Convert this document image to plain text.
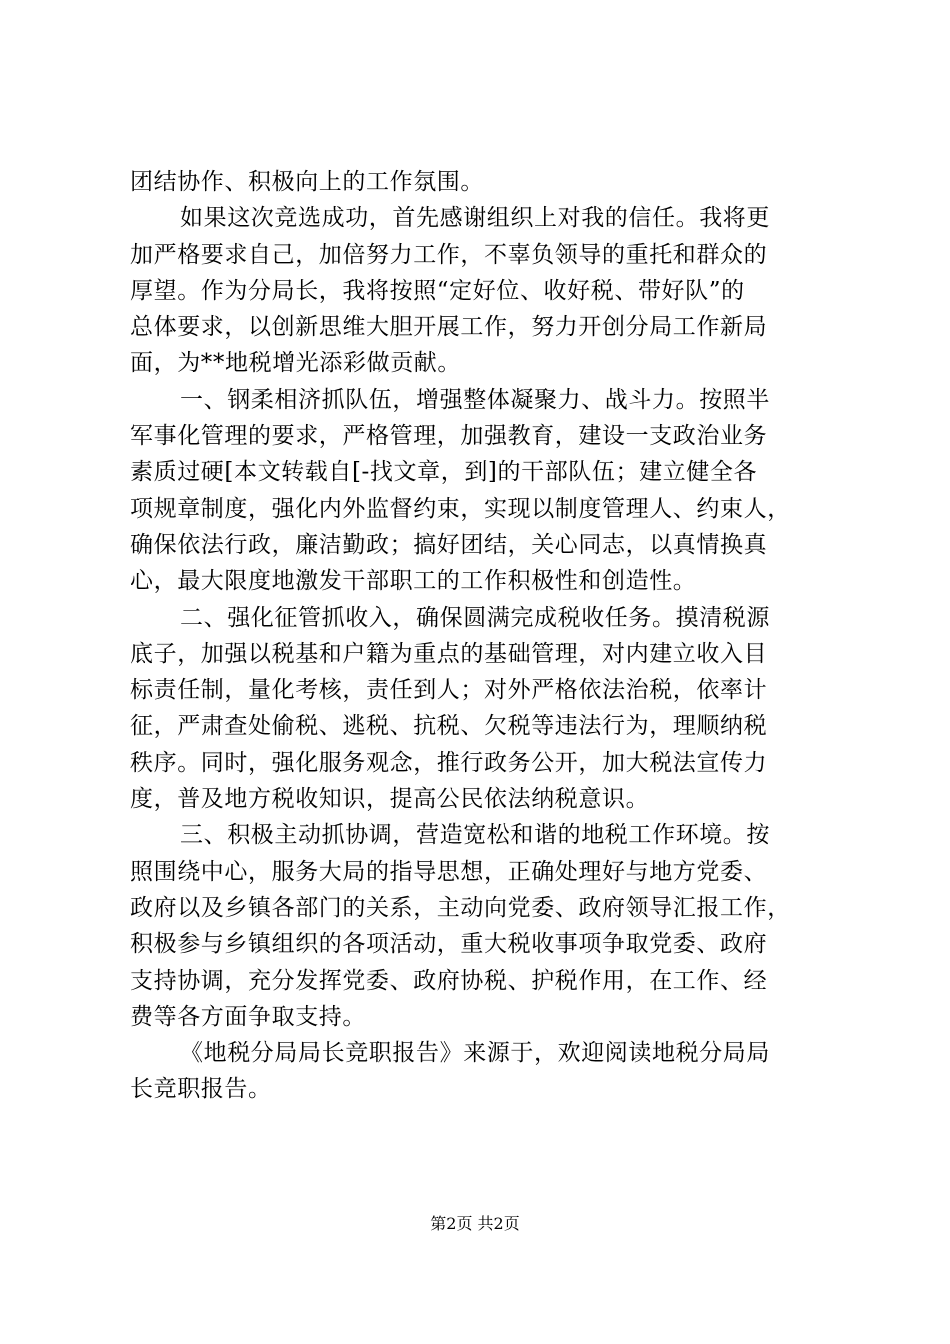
团结协作、积极向上的工作氛围。
如果这次竞选成功，首先感谢组织上对我的信任。我将更
加严格要求自己，加倍努力工作，不辜负领导的重托和群众的
厚望。作为分局长，我将按照“定好位、收好税、带好队”的
总体要求，以创新思维大胆开展工作，努力开创分局工作新局
面，为**地税增光添彩做贡献。
一、钢柔相济抓队伍，增强整体凝聚力、战斗力。按照半
军事化管理的要求，严格管理，加强教育，建设一支政治业务
素质过硬[本文转载自[-找文章，到]的干部队伍；建立健全各
项规章制度，强化内外监督约束，实现以制度管理人、约束人，
确保依法行政，廉洁勤政；搞好团结，关心同志，以真情换真
心，最大限度地激发干部职工的工作积极性和创造性。
二、强化征管抓收入，确保圆满完成税收任务。摸清税源
底子，加强以税基和户籍为重点的基础管理，对内建立收入目
标责任制，量化考核，责任到人；对外严格依法治税，依率计
征，严肃查处偷税、逃税、抗税、欠税等违法行为，理顺纳税
秩序。同时，强化服务观念，推行政务公开，加大税法宣传力
度，普及地方税收知识，提高公民依法纳税意识。
三、积极主动抓协调，营造宽松和谐的地税工作环境。按
照围绕中心，服务大局的指导思想，正确处理好与地方党委、
政府以及乡镇各部门的关系，主动向党委、政府领导汇报工作，
积极参与乡镇组织的各项活动，重大税收事项争取党委、政府
支持协调，充分发挥党委、政府协税、护税作用，在工作、经
费等各方面争取支持。
《地税分局局长竞职报告》来源于，欢迎阅读地税分局局
长竞职报告。
第2页 共2页
